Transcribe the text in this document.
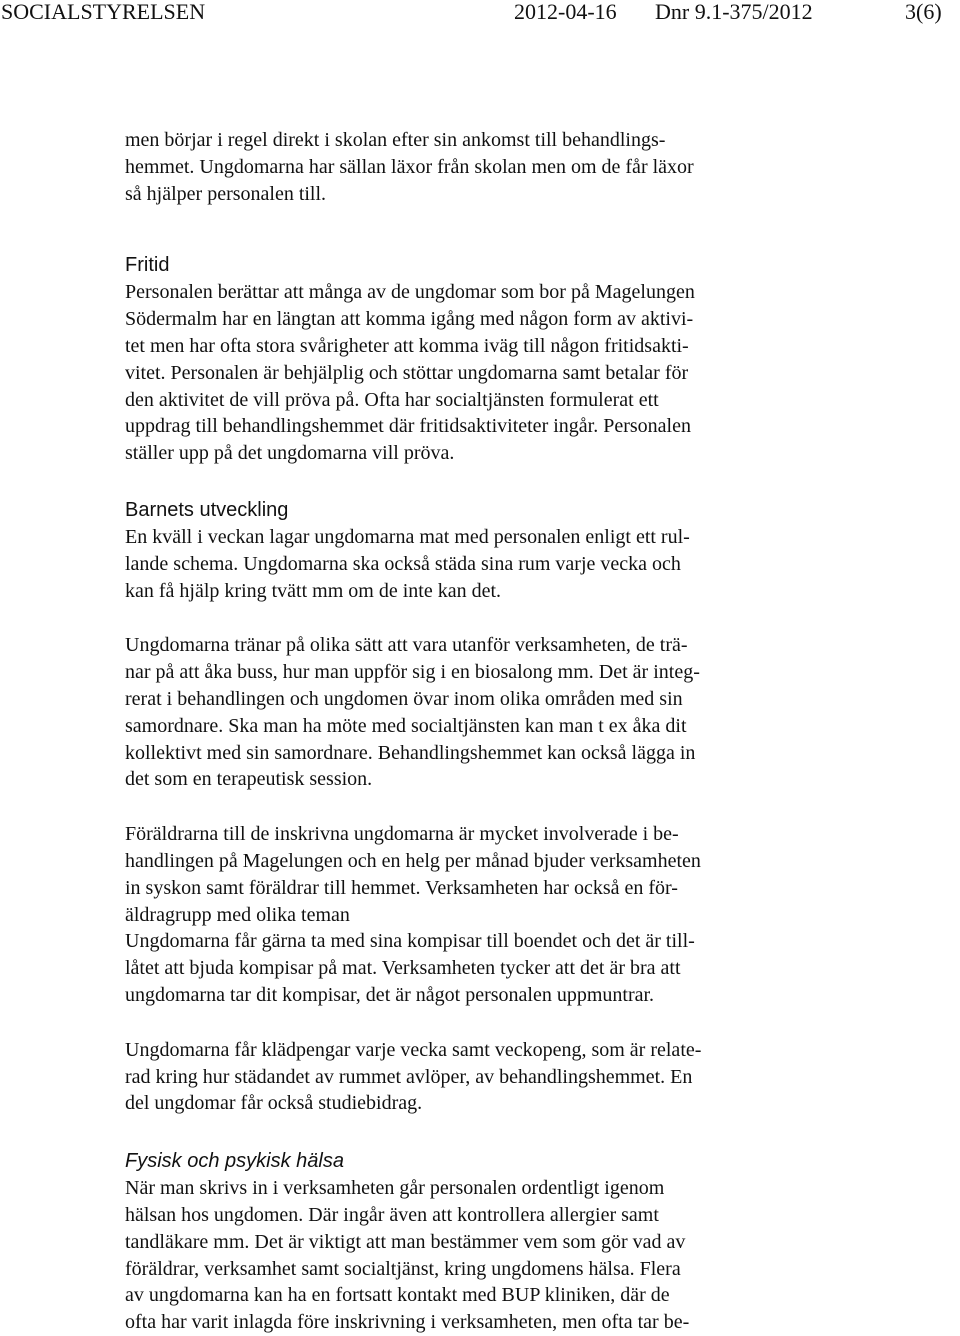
SOCIALSTYRELSEN	2012-04-16 Dnr 9.1-375/2012	3(6)

men börjar i regel direkt i skolan efter sin ankomst till behandlings-
hemmet. Ungdomarna har sällan läxor från skolan men om de får läxor
så hjälper personalen till.

Fritid

Personalen berättar att många av de ungdomar som bor på Magelungen
Södermalm har en längtan att komma igång med någon form av aktivi-
tet men har ofta stora svårigheter att komma iväg till någon fritidsakti-
vitet. Personalen är behjälplig och stöttar ungdomarna samt betalar för
den aktivitet de vill pröva på. Ofta har socialtjänsten formulerat ett
uppdrag till behandlingshemmet där fritidsaktiviteter ingår. Personalen
ställer upp på det ungdomarna vill pröva.

Barnets utveckling

En kväll i veckan lagar ungdomarna mat med personalen enligt ett rul-
lande schema. Ungdomarna ska också städa sina rum varje vecka och
kan få hjälp kring tvätt mm om de inte kan det.

Ungdomarna tränar på olika sätt att vara utanför verksamheten, de trä-
nar på att åka buss, hur man uppför sig i en biosalong mm. Det är integ-
rerat i behandlingen och ungdomen övar inom olika områden med sin
samordnare. Ska man ha möte med socialtjänsten kan man t ex åka dit
kollektivt med sin samordnare. Behandlingshemmet kan också lägga in
det som en terapeutisk session.

Föräldrarna till de inskrivna ungdomarna är mycket involverade i be-
handlingen på Magelungen och en helg per månad bjuder verksamheten
in syskon samt föräldrar till hemmet. Verksamheten har också en för-
äldragrupp med olika teman
Ungdomarna får gärna ta med sina kompisar till boendet och det är till-
låtet att bjuda kompisar på mat. Verksamheten tycker att det är bra att
ungdomarna tar dit kompisar, det är något personalen uppmuntrar.

Ungdomarna får klädpengar varje vecka samt veckopeng, som är relate-
rad kring hur städandet av rummet avlöper, av behandlingshemmet. En
del ungdomar får också studiebidrag.

Fysisk och psykisk hälsa

När man skrivs in i verksamheten går personalen ordentligt igenom
hälsan hos ungdomen. Där ingår även att kontrollera allergier samt
tandläkare mm. Det är viktigt att man bestämmer vem som gör vad av
föräldrar, verksamhet samt socialtjänst, kring ungdomens hälsa. Flera
av ungdomarna kan ha en fortsatt kontakt med BUP kliniken, där de
ofta har varit inlagda före inskrivning i verksamheten, men ofta tar be-
